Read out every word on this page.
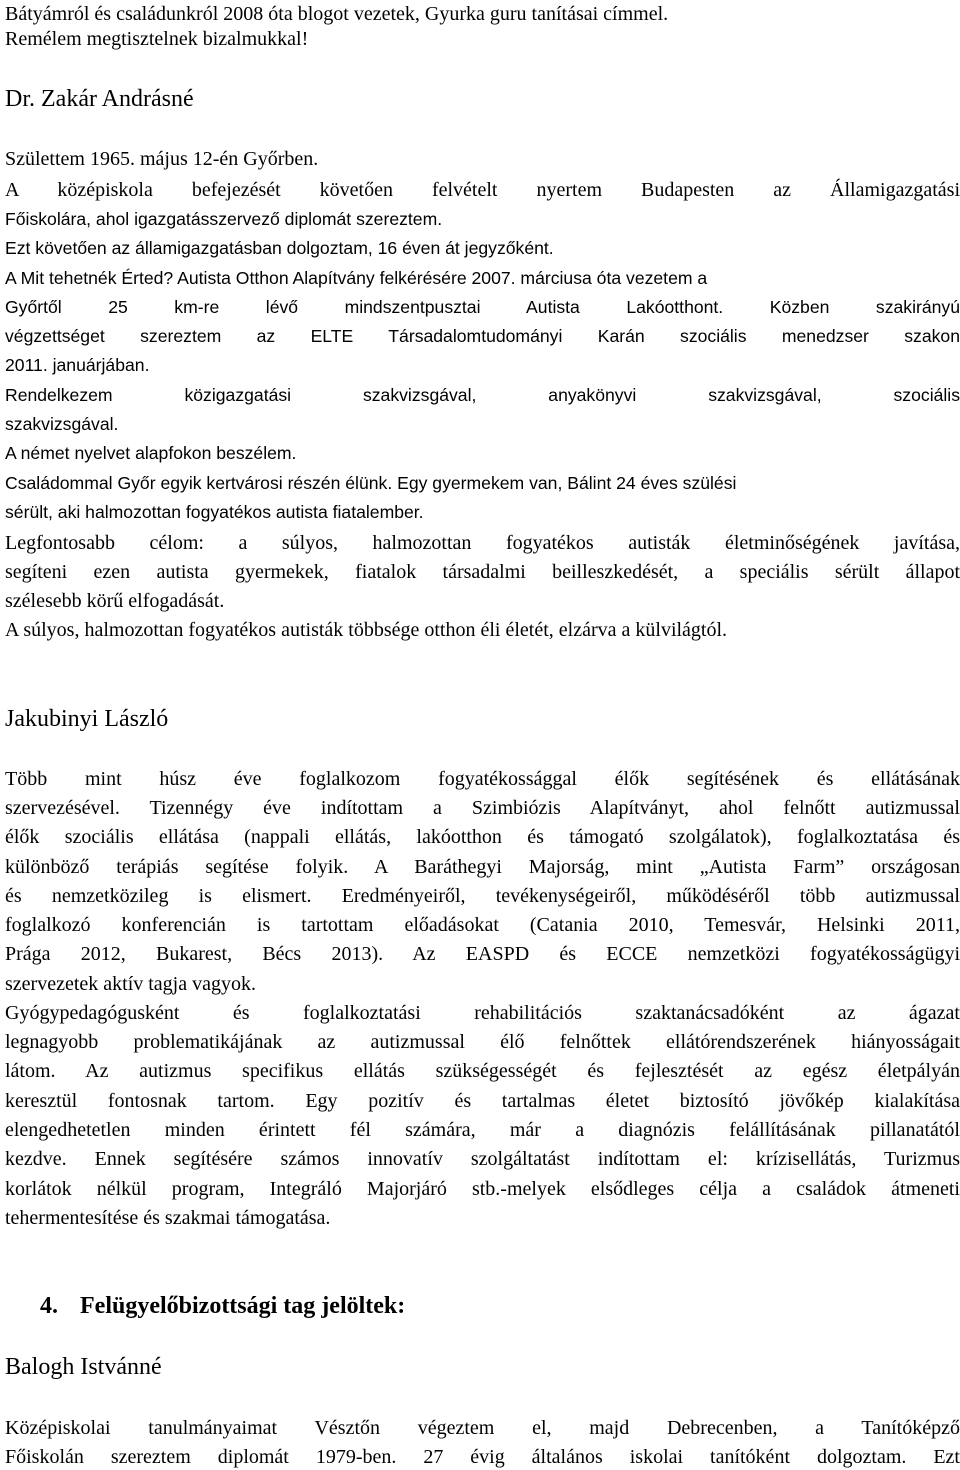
Bátyámról és családunkról 2008 óta blogot vezetek, Gyurka guru tanításai címmel.
Remélem megtisztelnek bizalmukkal!
Dr. Zakár Andrásné
Születtem 1965. május 12-én Győrben.
A középiskola befejezését követően felvételt nyertem Budapesten az Államigazgatási
Főiskolára, ahol igazgatásszervező diplomát szereztem.
Ezt követően az államigazgatásban dolgoztam, 16 éven át jegyzőként.
A Mit tehetnék Érted? Autista Otthon Alapítvány felkérésére 2007. márciusa óta vezetem a
Győrtől 25 km-re lévő mindszentpusztai Autista Lakóotthont. Közben szakirányú
végzettséget szereztem az ELTE Társadalomtudományi Karán szociális menedzser szakon
2011. januárjában.
Rendelkezem közigazgatási szakvizsgával, anyakönyvi szakvizsgával, szociális
szakvizsgával.
A német nyelvet alapfokon beszélem.
Családommal Győr egyik kertvárosi részén élünk. Egy gyermekem van, Bálint 24 éves szülési
sérült, aki halmozottan fogyatékos autista fiatalember.
Legfontosabb célom: a súlyos, halmozottan fogyatékos autisták életminőségének javítása,
segíteni ezen autista gyermekek, fiatalok társadalmi beilleszkedését, a speciális sérült állapot
szélesebb körű elfogadását.
A súlyos, halmozottan fogyatékos autisták többsége otthon éli életét, elzárva a külvilágtól.
Jakubinyi László
Több mint húsz éve foglalkozom fogyatékossággal élők segítésének és ellátásának
szervezésével. Tizennégy éve indítottam a Szimbiózis Alapítványt, ahol felnőtt autizmussal
élők szociális ellátása (nappali ellátás, lakóotthon és támogató szolgálatok), foglalkoztatása és
különböző terápiás segítése folyik. A Baráthegyi Majorság, mint „Autista Farm” országosan
és nemzetközileg is elismert. Eredményeiről, tevékenységeiről, működéséről több autizmussal
foglalkozó konferencián is tartottam előadásokat (Catania 2010, Temesvár, Helsinki 2011,
Prága 2012, Bukarest, Bécs 2013). Az EASPD és ECCE nemzetközi fogyatékosságügyi
szervezetek aktív tagja vagyok.
Gyógypedagógusként és foglalkoztatási rehabilitációs szaktanácsadóként az ágazat
legnagyobb problematikájának az autizmussal élő felnőttek ellátórendszerének hiányosságait
látom. Az autizmus specifikus ellátás szükségességét és fejlesztését az egész életpályán
keresztül fontosnak tartom. Egy pozitív és tartalmas életet biztosító jövőkép kialakítása
elengedhetetlen minden érintett fél számára, már a diagnózis felállításának pillanatától
kezdve. Ennek segítésére számos innovatív szolgáltatást indítottam el: krízisellátás, Turizmus
korlátok nélkül program, Integráló Majorjáró stb.-melyek elsődleges célja a családok átmeneti
tehermentesítése és szakmai támogatása.
4. Felügyelőbizottsági tag jelöltek:
Balogh Istvánné
Középiskolai tanulmányaimat Vésztőn végeztem el, majd Debrecenben, a Tanítóképző
Főiskolán szereztem diplomát 1979-ben. 27 évig általános iskolai tanítóként dolgoztam. Ezt
